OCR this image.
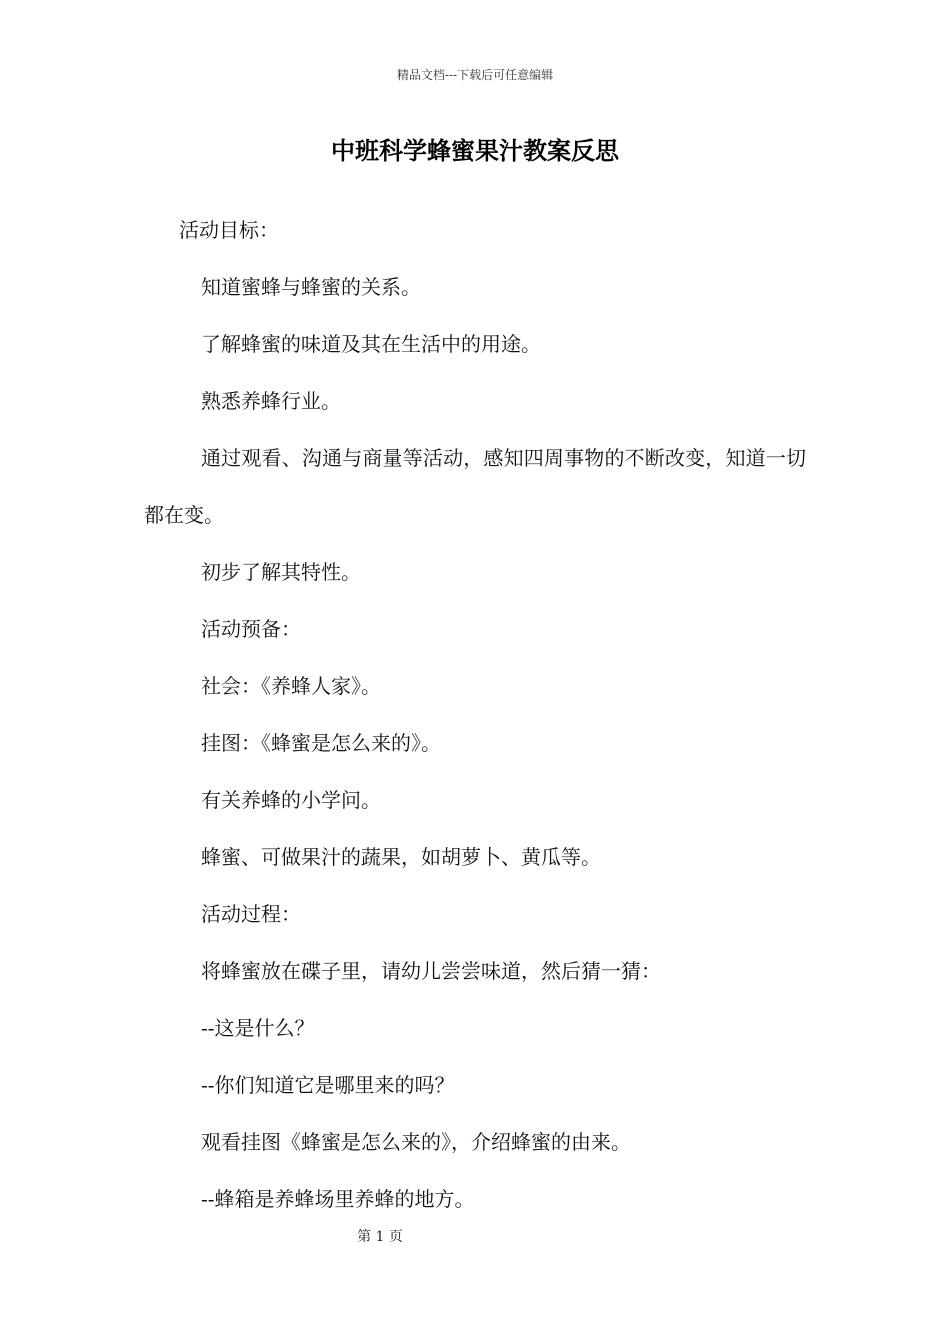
精品文档---下载后可任意编辑
中班科学蜂蜜果汁教案反思

活动目标：

知道蜜蜂与蜂蜜的关系。

了解蜂蜜的味道及其在生活中的用途。

熟悉养蜂行业。

通过观看、沟通与商量等活动，感知四周事物的不断改变，知道一切都在变。

初步了解其特性。

活动预备：

社会：《养蜂人家》。

挂图：《蜂蜜是怎么来的》。

有关养蜂的小学问。

蜂蜜、可做果汁的蔬果，如胡萝卜、黄瓜等。

活动过程：

将蜂蜜放在碟子里，请幼儿尝尝味道，然后猜一猜：

--这是什么？

--你们知道它是哪里来的吗？

观看挂图《蜂蜜是怎么来的》，介绍蜂蜜的由来。

--蜂箱是养蜂场里养蜂的地方。

第 1 页
